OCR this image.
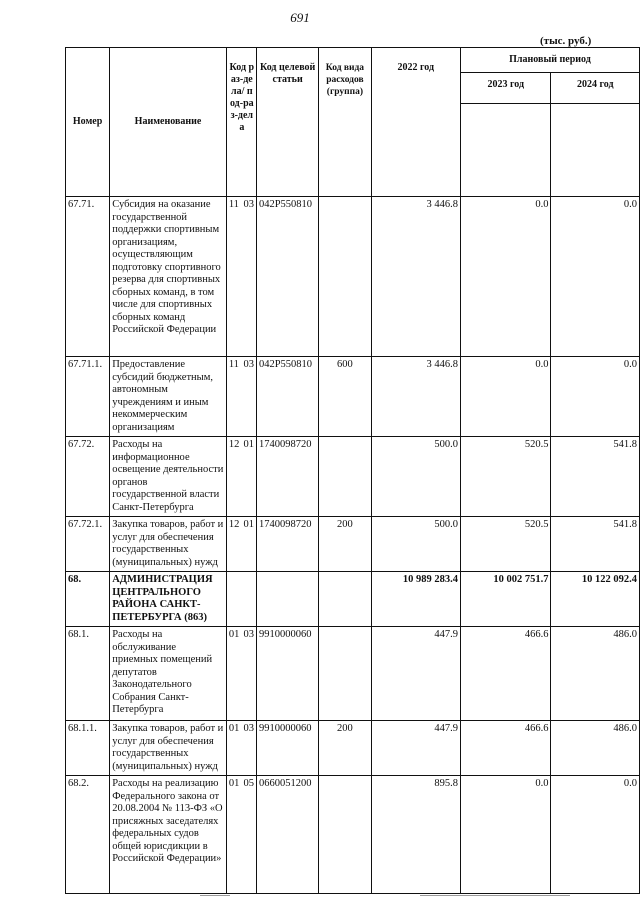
691
(тыс. руб.)
Номер	Наименование	Код раз-дела/ под-раз-дела		Код целевой статьи	Код вида расходов (группа)	2022 год	Плановый период	
							2023 год	2024 год

67.71.	Субсидия на оказание государственной поддержки спортивным организациям, осуществляющим подготовку спортивного резерва для спортивных сборных команд, в том числе для спортивных сборных команд Российской Федерации	11	03	042P550810		3 446.8	0.0	0.0
67.71.1.	Предоставление субсидий бюджетным, автономным учреждениям и иным некоммерческим организациям	11	03	042P550810	600	3 446.8	0.0	0.0
67.72.	Расходы на информационное освещение деятельности органов государственной власти Санкт-Петербурга	12	01	1740098720		500.0	520.5	541.8
67.72.1.	Закупка товаров, работ и услуг для обеспечения государственных (муниципальных) нужд	12	01	1740098720	200	500.0	520.5	541.8
68.	АДМИНИСТРАЦИЯ ЦЕНТРАЛЬНОГО РАЙОНА САНКТ-ПЕТЕРБУРГА (863)					10 989 283.4	10 002 751.7	10 122 092.4
68.1.	Расходы на обслуживание приемных помещений депутатов Законодательного Собрания Санкт-Петербурга	01	03	9910000060		447.9	466.6	486.0
68.1.1.	Закупка товаров, работ и услуг для обеспечения государственных (муниципальных) нужд	01	03	9910000060	200	447.9	466.6	486.0
68.2.	Расходы на реализацию Федерального закона от 20.08.2004 № 113-ФЗ «О присяжных заседателях федеральных судов общей юрисдикции в Российской Федерации»	01	05	0660051200		895.8	0.0	0.0
